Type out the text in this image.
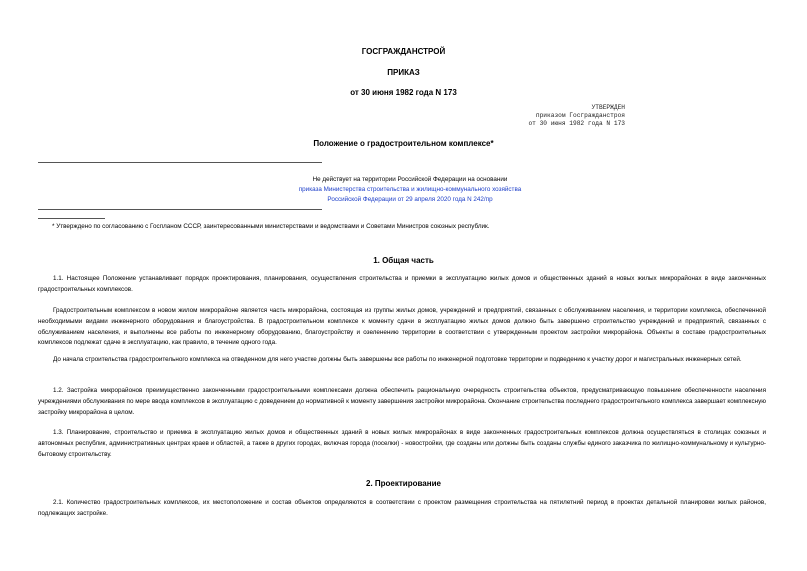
ГОСГРАЖДАНСТРОЙ
ПРИКАЗ
от 30 июня 1982 года N 173
УТВЕРЖДЕН
приказом Госгражданстроя
от 30 июня 1982 года N 173
Положение о градостроительном комплексе*
Не действует на территории Российской Федерации на основании
приказа Министерства строительства и жилищно-коммунального хозяйства
Российской Федерации от 29 апреля 2020 года N 242/пр
* Утверждено по согласованию с Госпланом СССР, заинтересованными министерствами и ведомствами и Советами Министров союзных республик.
1. Общая часть

1.1. Настоящее Положение устанавливает порядок проектирования, планирования, осуществления строительства и приемки в эксплуатацию жилых домов и общественных зданий в новых жилых микрорайонах в виде законченных градостроительных комплексов.

Градостроительным комплексом в новом жилом микрорайоне является часть микрорайона, состоящая из группы жилых домов, учреждений и предприятий, связанных с обслуживанием населения, и территории комплекса, обеспеченной необходимыми видами инженерного оборудования и благоустройства. В градостроительном комплексе к моменту сдачи в эксплуатацию жилых домов должно быть завершено строительство учреждений и предприятий, связанных с обслуживанием населения, и выполнены все работы по инженерному оборудованию, благоустройству и озеленению территории в соответствии с утвержденным проектом застройки микрорайона. Объекты в составе градостроительных комплексов подлежат сдаче в эксплуатацию, как правило, в течение одного года.

До начала строительства градостроительного комплекса на отведенном для него участке должны быть завершены все работы по инженерной подготовке территории и подведению к участку дорог и магистральных инженерных сетей.

1.2. Застройка микрорайонов преимущественно законченными градостроительными комплексами должна обеспечить рациональную очередность строительства объектов, предусматривающую повышение обеспеченности населения учреждениями обслуживания по мере ввода комплексов в эксплуатацию с доведением до нормативной к моменту завершения застройки микрорайона. Окончание строительства последнего градостроительного комплекса завершает комплексную застройку микрорайона в целом.

1.3. Планирование, строительство и приемка в эксплуатацию жилых домов и общественных зданий в новых жилых микрорайонах в виде законченных градостроительных комплексов должна осуществляться в столицах союзных и автономных республик, административных центрах краев и областей, а также в других городах, включая города (поселки) - новостройки, где созданы или должны быть созданы службы единого заказчика по жилищно-коммунальному и культурно-бытовому строительству.

2. Проектирование

2.1. Количество градостроительных комплексов, их местоположение и состав объектов определяются в соответствии с проектом размещения строительства на пятилетний период в проектах детальной планировки жилых районов, подлежащих застройке.
